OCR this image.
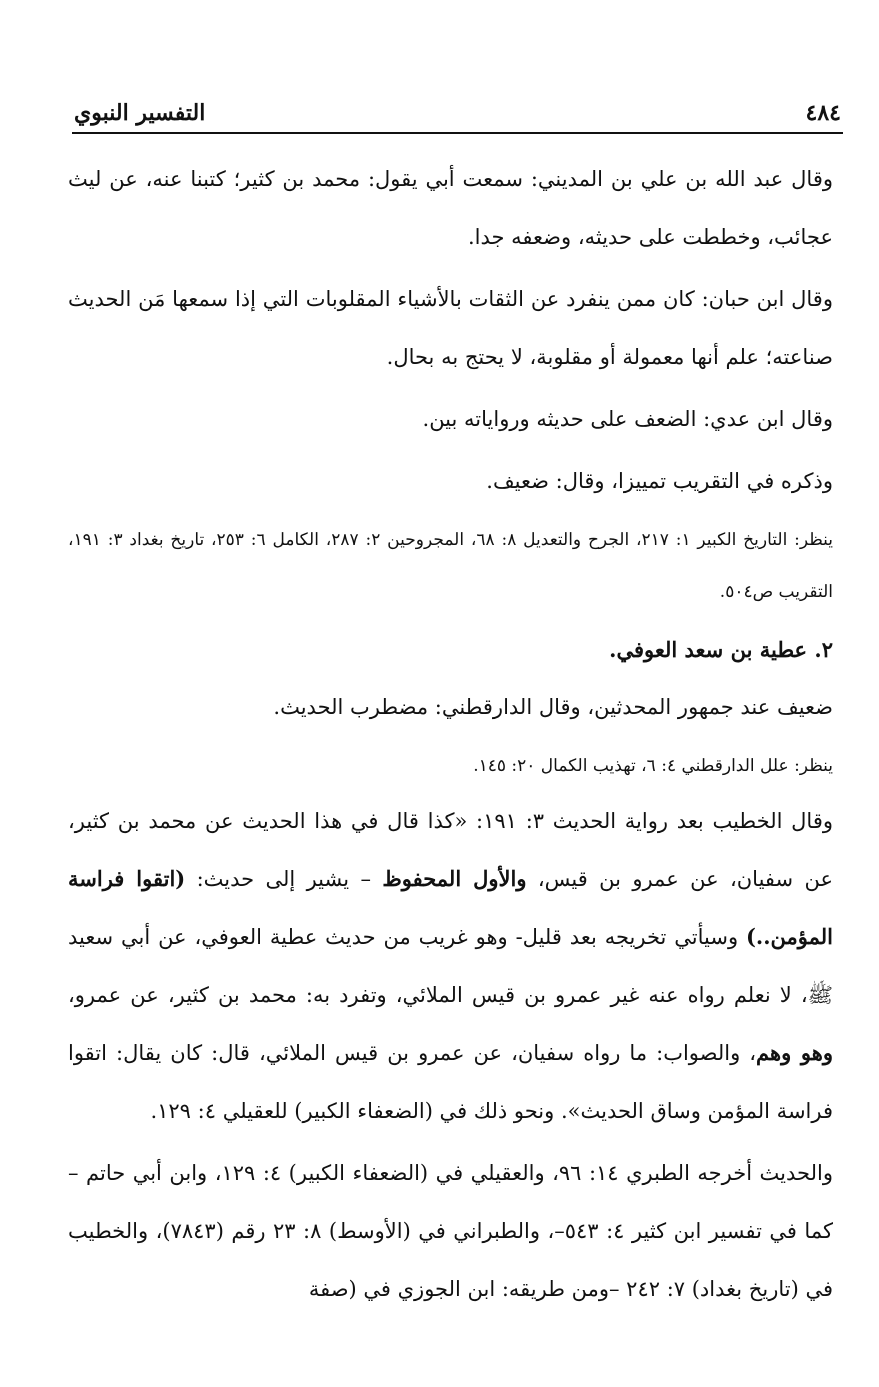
٤٨٤
التفسير النبوي

وقال عبد الله بن علي بن المديني: سمعت أبي يقول: محمد بن كثير؛ كتبنا عنه، عن ليث عجائب، وخططت على حديثه، وضعفه جدا.

وقال ابن حبان: كان ممن ينفرد عن الثقات بالأشياء المقلوبات التي إذا سمعها مَن الحديث صناعته؛ علم أنها معمولة أو مقلوبة، لا يحتج به بحال.

وقال ابن عدي: الضعف على حديثه ورواياته بين.

وذكره في التقريب تمييزا، وقال: ضعيف.

ينظر: التاريخ الكبير ١: ٢١٧، الجرح والتعديل ٨: ٦٨، المجروحين ٢: ٢٨٧، الكامل ٦: ٢٥٣، تاريخ بغداد ٣: ١٩١، التقريب ص٥٠٤.

٢. عطية بن سعد العوفي.

ضعيف عند جمهور المحدثين، وقال الدارقطني: مضطرب الحديث.

ينظر: علل الدارقطني ٤: ٦، تهذيب الكمال ٢٠: ١٤٥.

وقال الخطيب بعد رواية الحديث ٣: ١٩١: «كذا قال في هذا الحديث عن محمد بن كثير، عن سفيان، عن عمرو بن قيس، والأول المحفوظ – يشير إلى حديث: (اتقوا فراسة المؤمن..) وسيأتي تخريجه بعد قليل- وهو غريب من حديث عطية العوفي، عن أبي سعيد ﷺ، لا نعلم رواه عنه غير عمرو بن قيس الملائي، وتفرد به: محمد بن كثير، عن عمرو، وهو وهم، والصواب: ما رواه سفيان، عن عمرو بن قيس الملائي، قال: كان يقال: اتقوا فراسة المؤمن وساق الحديث». ونحو ذلك في (الضعفاء الكبير) للعقيلي ٤: ١٢٩.

والحديث أخرجه الطبري ١٤: ٩٦، والعقيلي في (الضعفاء الكبير) ٤: ١٢٩، وابن أبي حاتم –كما في تفسير ابن كثير ٤: ٥٤٣–، والطبراني في (الأوسط) ٨: ٢٣ رقم (٧٨٤٣)، والخطيب في (تاريخ بغداد) ٧: ٢٤٢ –ومن طريقه: ابن الجوزي في (صفة
